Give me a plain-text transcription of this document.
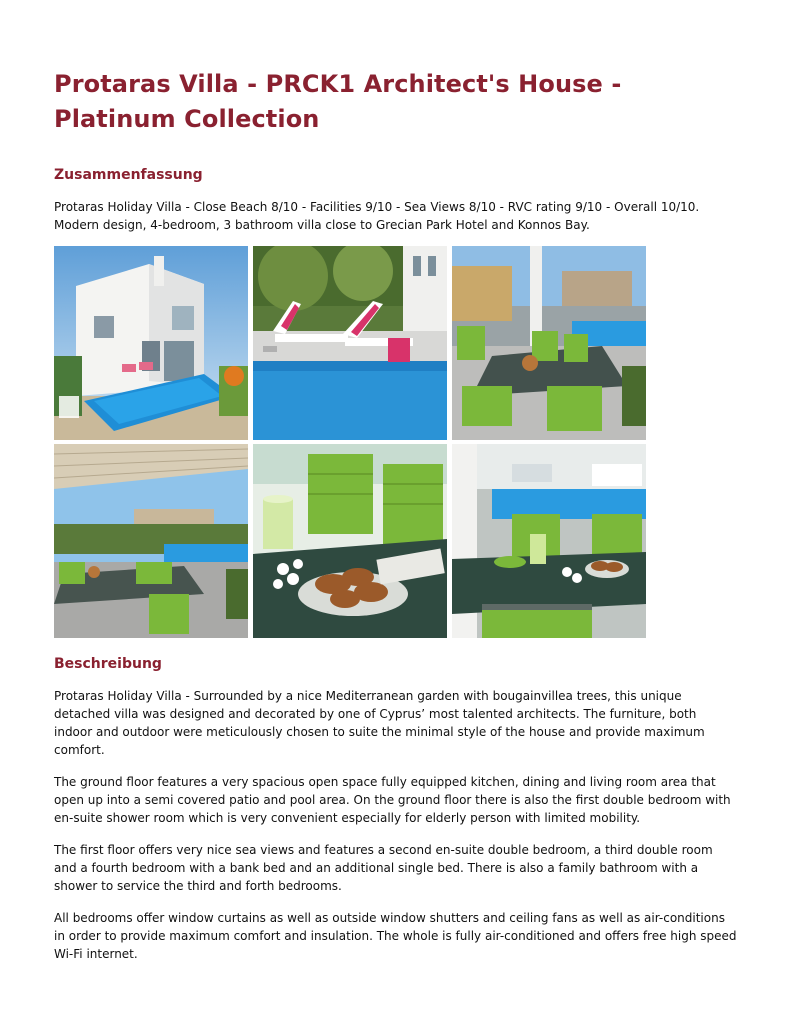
Protaras Villa - PRCK1 Architect's House - Platinum Collection
Zusammenfassung

Protaras Holiday Villa - Close Beach 8/10 - Facilities 9/10 - Sea Views 8/10 - RVC rating 9/10 - Overall 10/10. Modern design, 4-bedroom, 3 bathroom villa close to Grecian Park Hotel and Konnos Bay.

Beschreibung

Protaras Holiday Villa - Surrounded by a nice Mediterranean garden with bougainvillea trees, this unique detached villa was designed and decorated by one of Cyprus’ most talented architects. The furniture, both indoor and outdoor were meticulously chosen to suite the minimal style of the house and provide maximum comfort.

The ground floor features a very spacious open space fully equipped kitchen, dining and living room area that open up into a semi covered patio and pool area. On the ground floor there is also the first double bedroom with en-suite shower room which is very convenient especially for elderly person with limited mobility.

The first floor offers very nice sea views and features a second en-suite double bedroom, a third double room and a fourth bedroom with a bank bed and an additional single bed. There is also a family bathroom with a shower to service the third and forth bedrooms.

All bedrooms offer window curtains as well as outside window shutters and ceiling fans as well as air-conditions in order to provide maximum comfort and insulation. The whole is fully air-conditioned and offers free high speed Wi-Fi internet.
